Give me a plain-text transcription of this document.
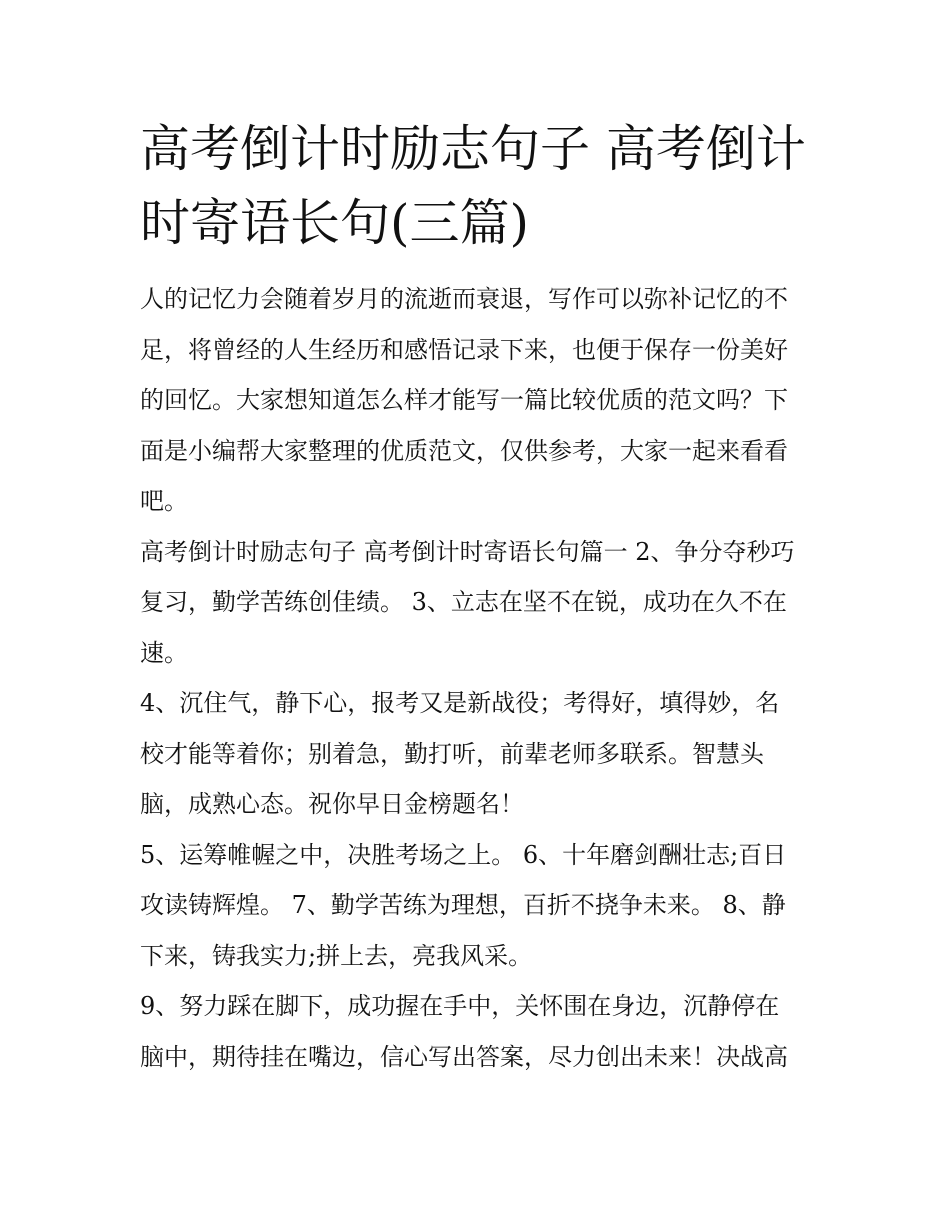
高考倒计时励志句子 高考倒计
时寄语长句(三篇)

人的记忆力会随着岁月的流逝而衰退，写作可以弥补记忆的不
足，将曾经的人生经历和感悟记录下来，也便于保存一份美好
的回忆。大家想知道怎么样才能写一篇比较优质的范文吗？下
面是小编帮大家整理的优质范文，仅供参考，大家一起来看看
吧。

高考倒计时励志句子 高考倒计时寄语长句篇一 2、争分夺秒巧
复习，勤学苦练创佳绩。 3、立志在坚不在锐，成功在久不在
速。

4、沉住气，静下心，报考又是新战役；考得好，填得妙，名
校才能等着你；别着急，勤打听，前辈老师多联系。智慧头
脑，成熟心态。祝你早日金榜题名！

5、运筹帷幄之中，决胜考场之上。 6、十年磨剑酬壮志;百日
攻读铸辉煌。 7、勤学苦练为理想，百折不挠争未来。 8、静
下来，铸我实力;拼上去，亮我风采。

9、努力踩在脚下，成功握在手中，关怀围在身边，沉静停在
脑中，期待挂在嘴边，信心写出答案，尽力创出未来！决战高
